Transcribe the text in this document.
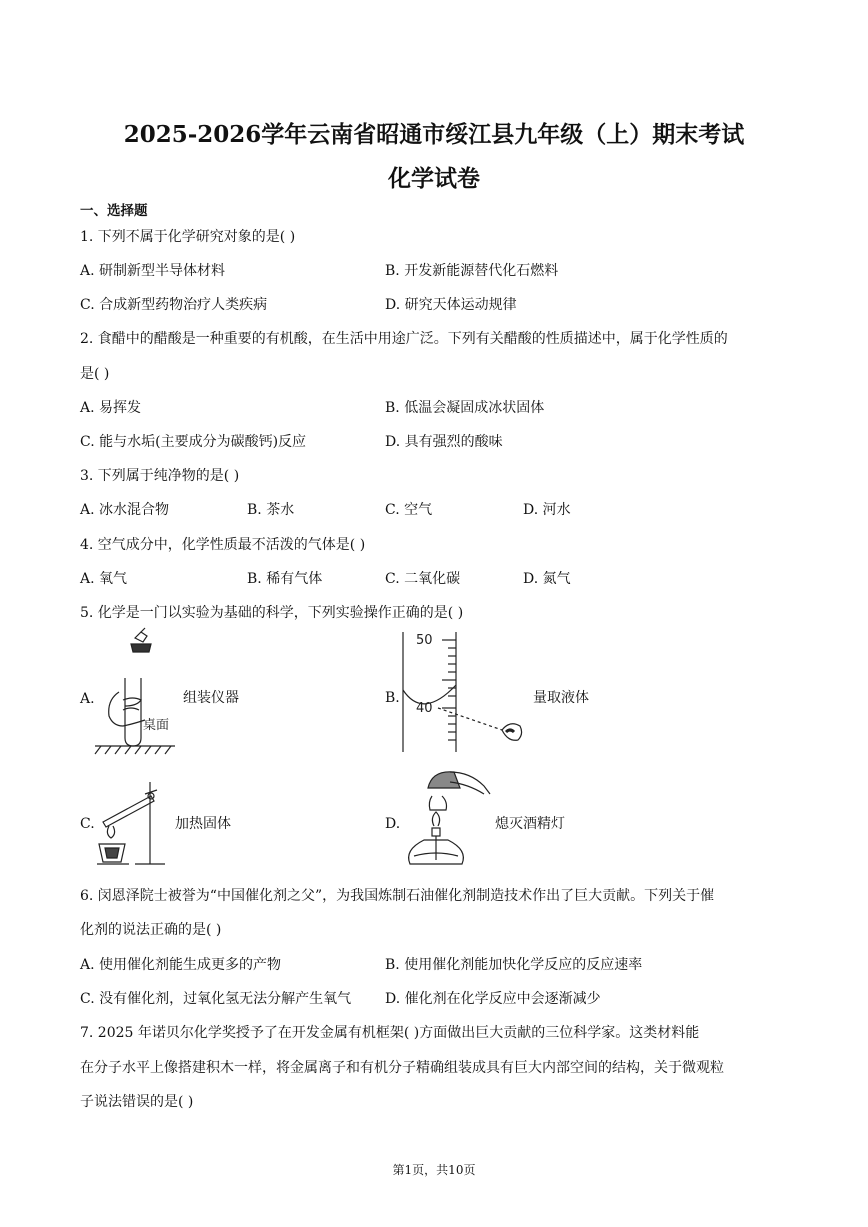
2025-2026学年云南省昭通市绥江县九年级（上）期末考试
化学试卷
一、选择题
1. 下列不属于化学研究对象的是( )
A. 研制新型半导体材料	B. 开发新能源替代化石燃料
C. 合成新型药物治疗人类疾病	D. 研究天体运动规律
2. 食醋中的醋酸是一种重要的有机酸，在生活中用途广泛。下列有关醋酸的性质描述中，属于化学性质的
是( )
A. 易挥发	B. 低温会凝固成冰状固体
C. 能与水垢(主要成分为碳酸钙)反应	D. 具有强烈的酸味
3. 下列属于纯净物的是( )
A. 冰水混合物	B. 茶水	C. 空气	D. 河水
4. 空气成分中，化学性质最不活泼的气体是( )
A. 氧气	B. 稀有气体	C. 二氧化碳	D. 氮气
5. 化学是一门以实验为基础的科学，下列实验操作正确的是( )
A.
桌面
组装仪器	B.
50
40
量取液体
C.	加热固体	D.	熄灭酒精灯
6. 闵恩泽院士被誉为“中国催化剂之父”，为我国炼制石油催化剂制造技术作出了巨大贡献。下列关于催
化剂的说法正确的是( )
A. 使用催化剂能生成更多的产物	B. 使用催化剂能加快化学反应的反应速率
C. 没有催化剂，过氧化氢无法分解产生氧气 D. 催化剂在化学反应中会逐渐减少
7. 2025 年诺贝尔化学奖授予了在开发金属有机框架( )方面做出巨大贡献的三位科学家。这类材料能
在分子水平上像搭建积木一样，将金属离子和有机分子精确组装成具有巨大内部空间的结构，关于微观粒
子说法错误的是( )
第1页，共10页
